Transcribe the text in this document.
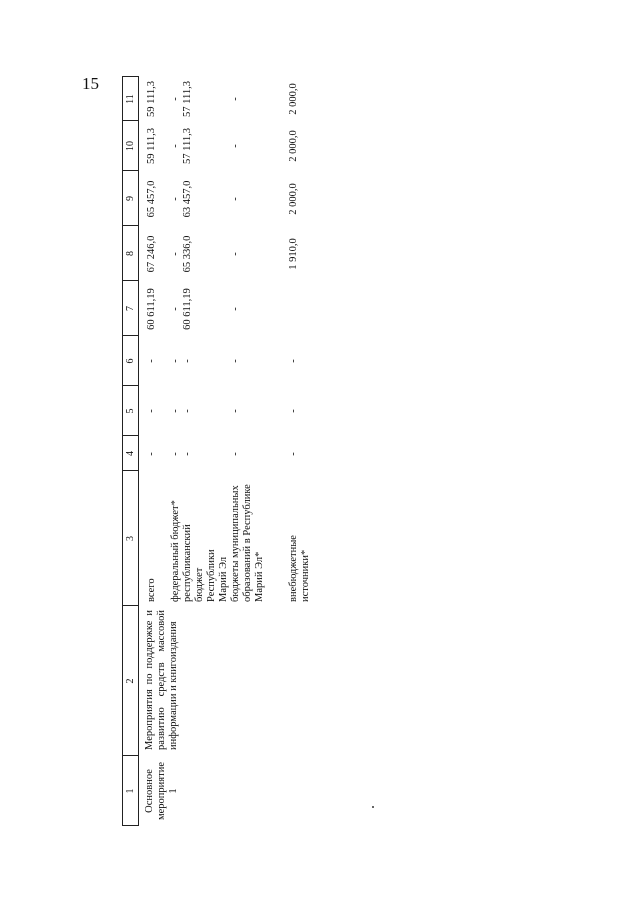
15
1
2
3
4
5
6
7
8
9
10
11
Основное мероприятие 1
Мероприятия по поддержке и развитию средств массовой информации и книгоиздания
всего федеральный бюджет* республиканский бюджет Республики Марий Эл бюджеты муниципальных образований в Республике Марий Эл* внебюджетные источники*
-
-
-
60 611,19
67 246,0
65 457,0
59 111,3
59 111,3
-
-
-
-
-
-
-
-
-
-
-
60 611,19
65 336,0
63 457,0
57 111,3
57 111,3
-
-
-
-
-
-
-
-
-
-
-
1 910,0
2 000,0
2 000,0
2 000,0
